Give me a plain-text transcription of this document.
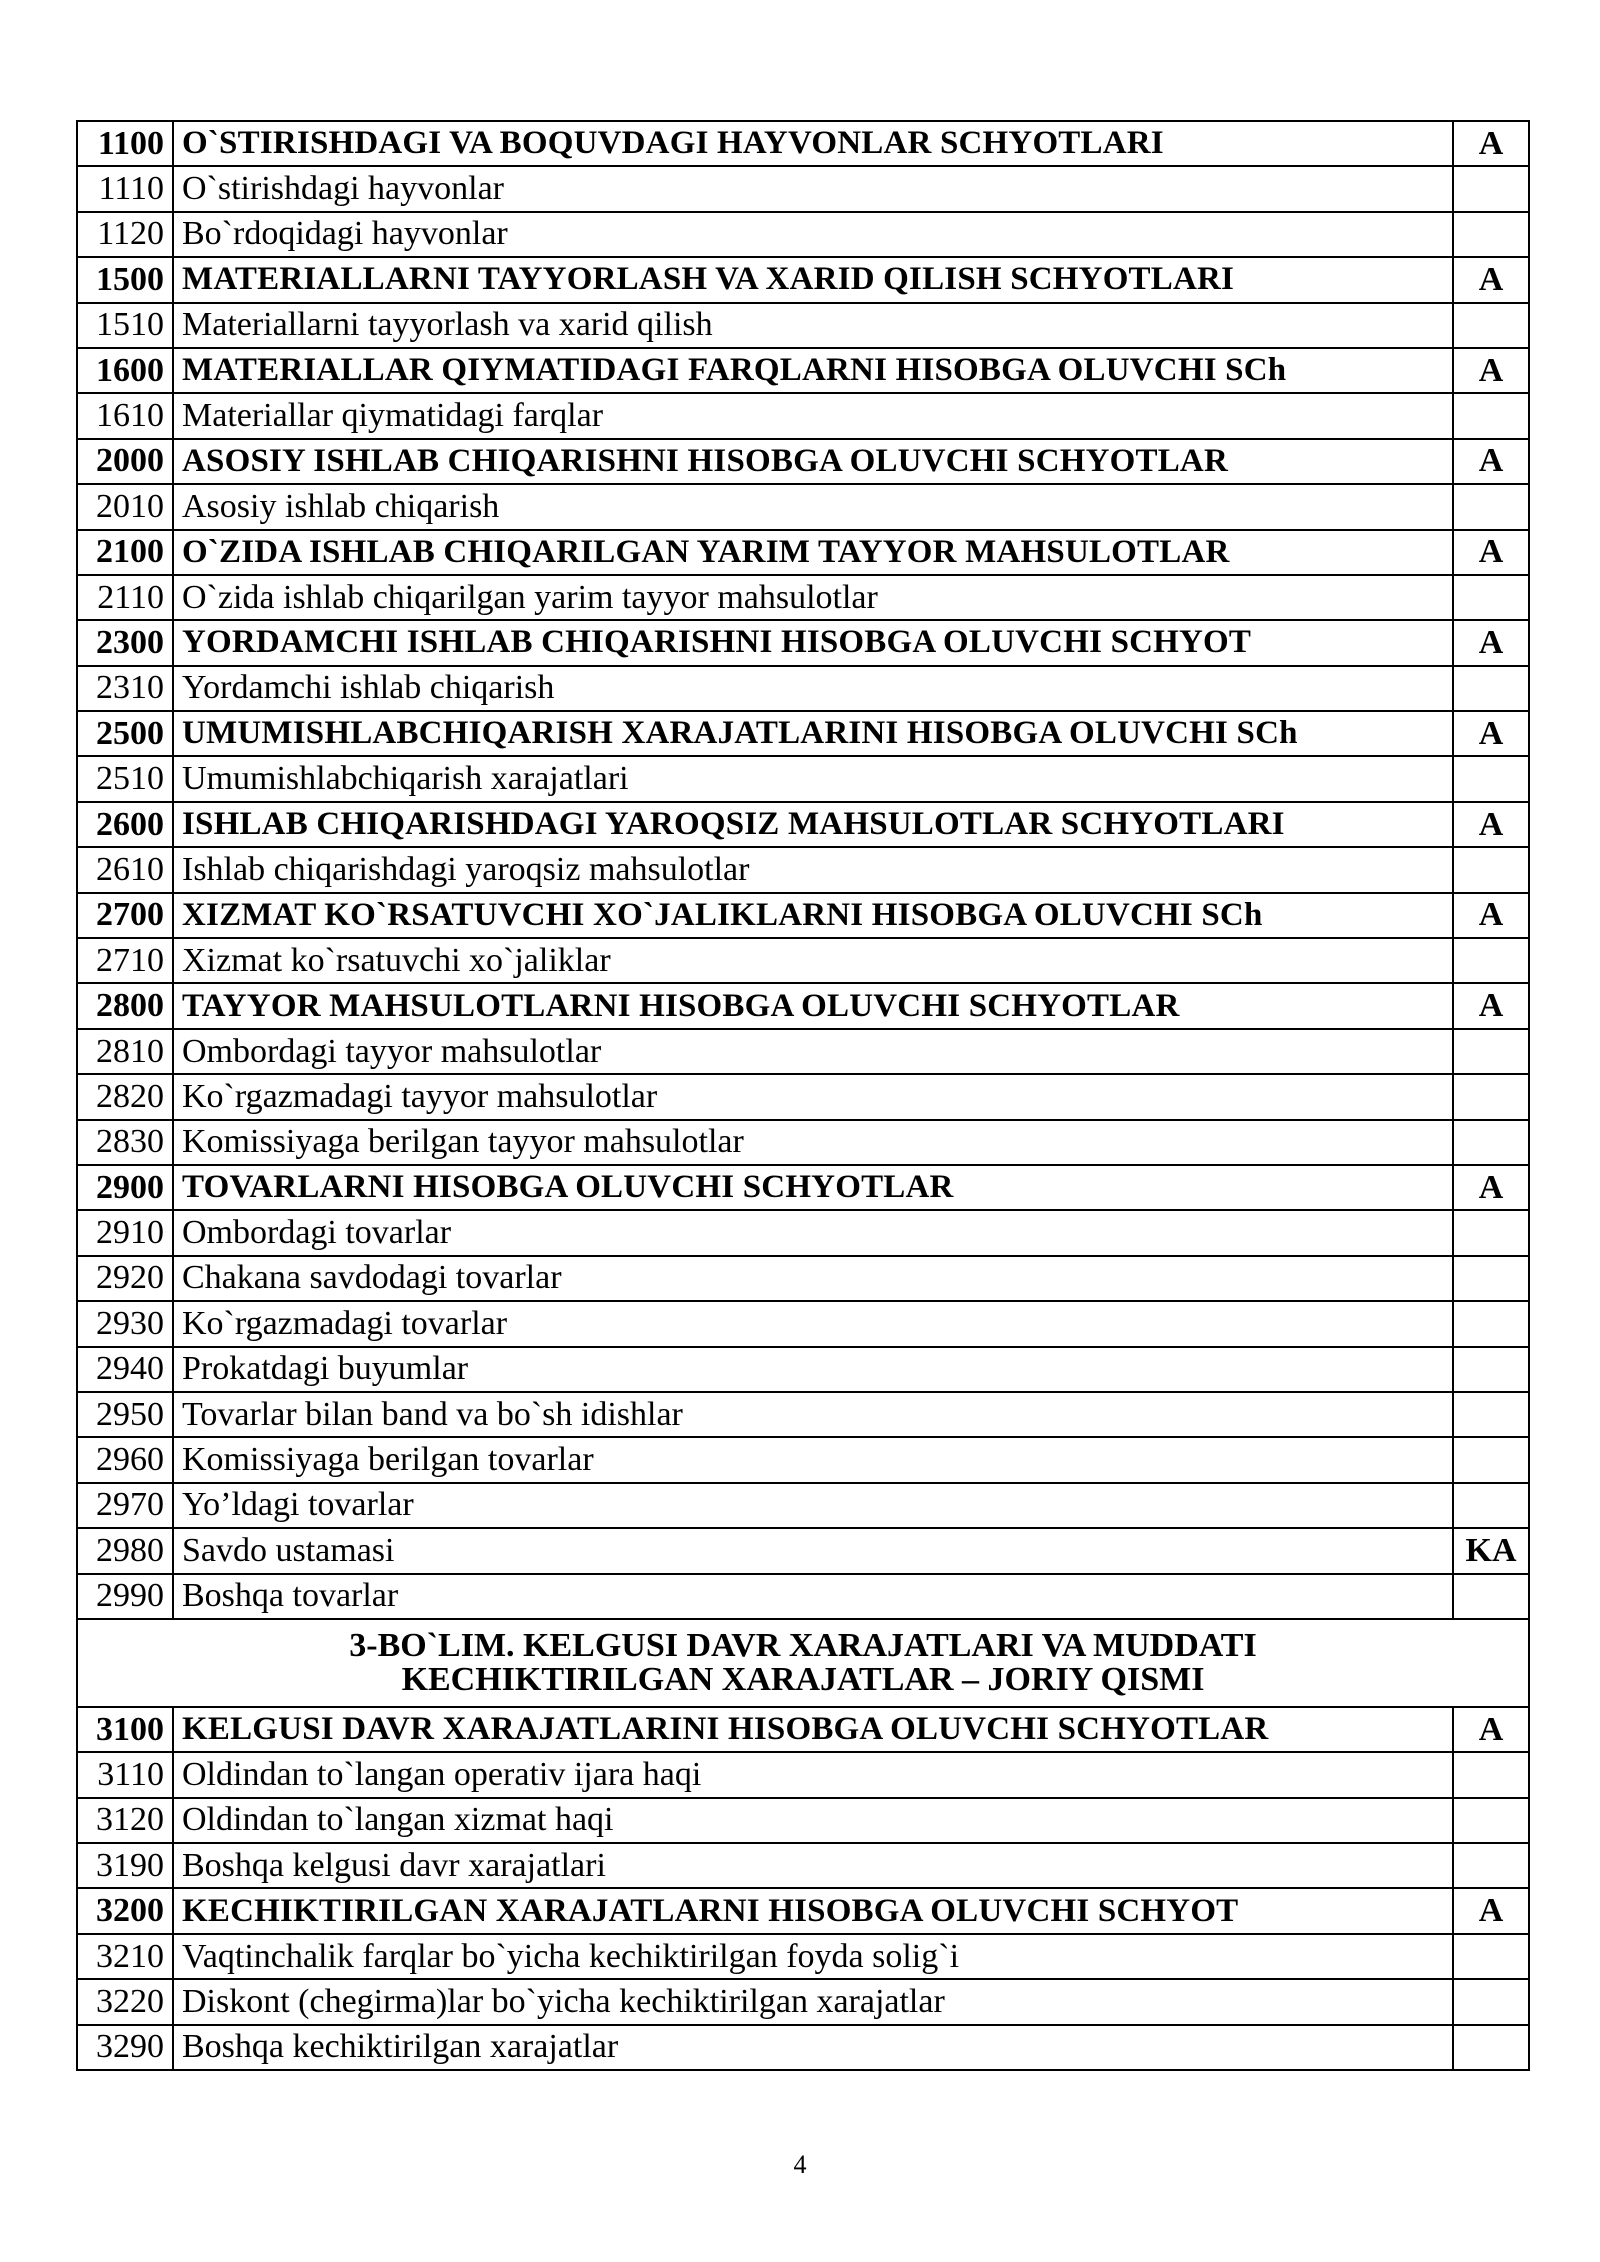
1100	O`STIRISHDAGI VA BOQUVDAGI HAYVONLAR SCHYOTLARI	A
1110	O`stirishdagi hayvonlar	
1120	Bo`rdoqidagi hayvonlar	
1500	MATERIALLARNI TAYYORLASH VA XARID QILISH SCHYOTLARI	A
1510	Materiallarni tayyorlash va xarid qilish	
1600	MATERIALLAR QIYMATIDAGI FARQLARNI HISOBGA OLUVCHI SCh	A
1610	Materiallar qiymatidagi farqlar	
2000	ASOSIY ISHLAB CHIQARISHNI HISOBGA OLUVCHI SCHYOTLAR	A
2010	Asosiy ishlab chiqarish	
2100	O`ZIDA ISHLAB CHIQARILGAN YARIM TAYYOR MAHSULOTLAR	A
2110	O`zida ishlab chiqarilgan yarim tayyor mahsulotlar	
2300	YORDAMCHI ISHLAB CHIQARISHNI HISOBGA OLUVCHI SCHYOT	A
2310	Yordamchi ishlab chiqarish	
2500	UMUMISHLABCHIQARISH XARAJATLARINI HISOBGA OLUVCHI SCh	A
2510	Umumishlabchiqarish xarajatlari	
2600	ISHLAB CHIQARISHDAGI YAROQSIZ MAHSULOTLAR SCHYOTLARI	A
2610	Ishlab chiqarishdagi yaroqsiz mahsulotlar	
2700	XIZMAT KO`RSATUVCHI XO`JALIKLARNI HISOBGA OLUVCHI SCh	A
2710	Xizmat ko`rsatuvchi xo`jaliklar	
2800	TAYYOR MAHSULOTLARNI HISOBGA OLUVCHI SCHYOTLAR	A
2810	Ombordagi tayyor mahsulotlar	
2820	Ko`rgazmadagi tayyor mahsulotlar	
2830	Komissiyaga berilgan tayyor mahsulotlar	
2900	TOVARLARNI HISOBGA OLUVCHI SCHYOTLAR	A
2910	Ombordagi tovarlar	
2920	Chakana savdodagi tovarlar	
2930	Ko`rgazmadagi tovarlar	
2940	Prokatdagi buyumlar	
2950	Tovarlar bilan band va bo`sh idishlar	
2960	Komissiyaga berilgan tovarlar	
2970	Yo’ldagi tovarlar	
2980	Savdo ustamasi	KA
2990	Boshqa tovarlar	

3-BO`LIM. KELGUSI DAVR XARAJATLARI VA MUDDATI
KECHIKTIRILGAN XARAJATLAR – JORIY QISMI		

3100	KELGUSI DAVR XARAJATLARINI HISOBGA OLUVCHI SCHYOTLAR	A
3110	Oldindan to`langan operativ ijara haqi	
3120	Oldindan to`langan xizmat haqi	
3190	Boshqa kelgusi davr xarajatlari	
3200	KECHIKTIRILGAN XARAJATLARNI HISOBGA OLUVCHI SCHYOT	A
3210	Vaqtinchalik farqlar bo`yicha kechiktirilgan foyda solig`i	
3220	Diskont (chegirma)lar bo`yicha kechiktirilgan xarajatlar	
3290	Boshqa kechiktirilgan xarajatlar	
4
